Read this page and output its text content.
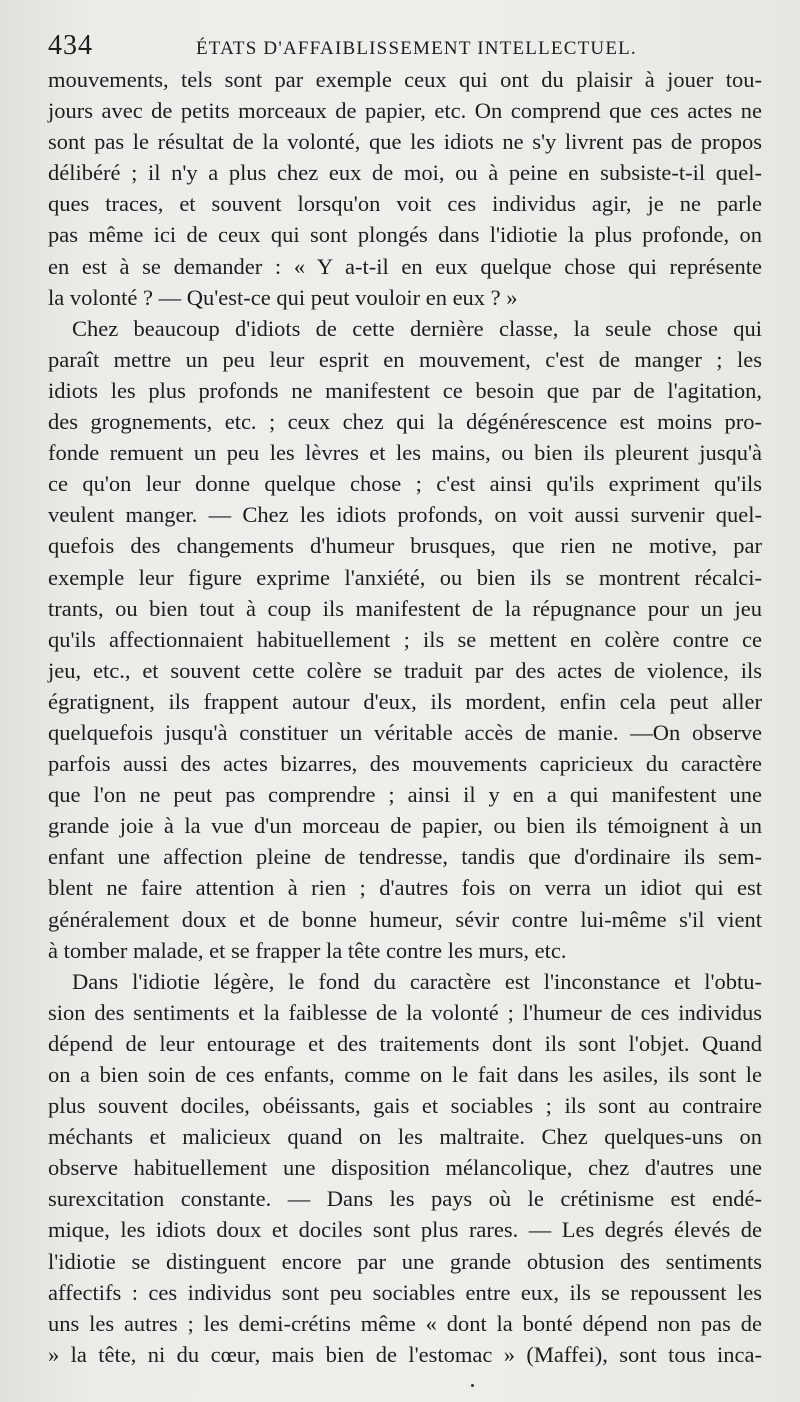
434	ÉTATS D'AFFAIBLISSEMENT INTELLECTUEL.
mouvements, tels sont par exemple ceux qui ont du plaisir à jouer tou-
jours avec de petits morceaux de papier, etc. On comprend que ces actes ne
sont pas le résultat de la volonté, que les idiots ne s'y livrent pas de propos
délibéré ; il n'y a plus chez eux de moi, ou à peine en subsiste-t-il quel-
ques traces, et souvent lorsqu'on voit ces individus agir, je ne parle
pas même ici de ceux qui sont plongés dans l'idiotie la plus profonde, on
en est à se demander : « Y a-t-il en eux quelque chose qui représente
la volonté ? — Qu'est-ce qui peut vouloir en eux ? »
Chez beaucoup d'idiots de cette dernière classe, la seule chose qui
paraît mettre un peu leur esprit en mouvement, c'est de manger ; les
idiots les plus profonds ne manifestent ce besoin que par de l'agitation,
des grognements, etc. ; ceux chez qui la dégénérescence est moins pro-
fonde remuent un peu les lèvres et les mains, ou bien ils pleurent jusqu'à
ce qu'on leur donne quelque chose ; c'est ainsi qu'ils expriment qu'ils
veulent manger. — Chez les idiots profonds, on voit aussi survenir quel-
quefois des changements d'humeur brusques, que rien ne motive, par
exemple leur figure exprime l'anxiété, ou bien ils se montrent récalci-
trants, ou bien tout à coup ils manifestent de la répugnance pour un jeu
qu'ils affectionnaient habituellement ; ils se mettent en colère contre ce
jeu, etc., et souvent cette colère se traduit par des actes de violence, ils
égratignent, ils frappent autour d'eux, ils mordent, enfin cela peut aller
quelquefois jusqu'à constituer un véritable accès de manie. —On observe
parfois aussi des actes bizarres, des mouvements capricieux du caractère
que l'on ne peut pas comprendre ; ainsi il y en a qui manifestent une
grande joie à la vue d'un morceau de papier, ou bien ils témoignent à un
enfant une affection pleine de tendresse, tandis que d'ordinaire ils sem-
blent ne faire attention à rien ; d'autres fois on verra un idiot qui est
généralement doux et de bonne humeur, sévir contre lui-même s'il vient
à tomber malade, et se frapper la tête contre les murs, etc.
Dans l'idiotie légère, le fond du caractère est l'inconstance et l'obtu-
sion des sentiments et la faiblesse de la volonté ; l'humeur de ces individus
dépend de leur entourage et des traitements dont ils sont l'objet. Quand
on a bien soin de ces enfants, comme on le fait dans les asiles, ils sont le
plus souvent dociles, obéissants, gais et sociables ; ils sont au contraire
méchants et malicieux quand on les maltraite. Chez quelques-uns on
observe habituellement une disposition mélancolique, chez d'autres une
surexcitation constante. — Dans les pays où le crétinisme est endé-
mique, les idiots doux et dociles sont plus rares. — Les degrés élevés de
l'idiotie se distinguent encore par une grande obtusion des sentiments
affectifs : ces individus sont peu sociables entre eux, ils se repoussent les
uns les autres ; les demi-crétins même « dont la bonté dépend non pas de
» la tête, ni du cœur, mais bien de l'estomac » (Maffei), sont tous inca-
